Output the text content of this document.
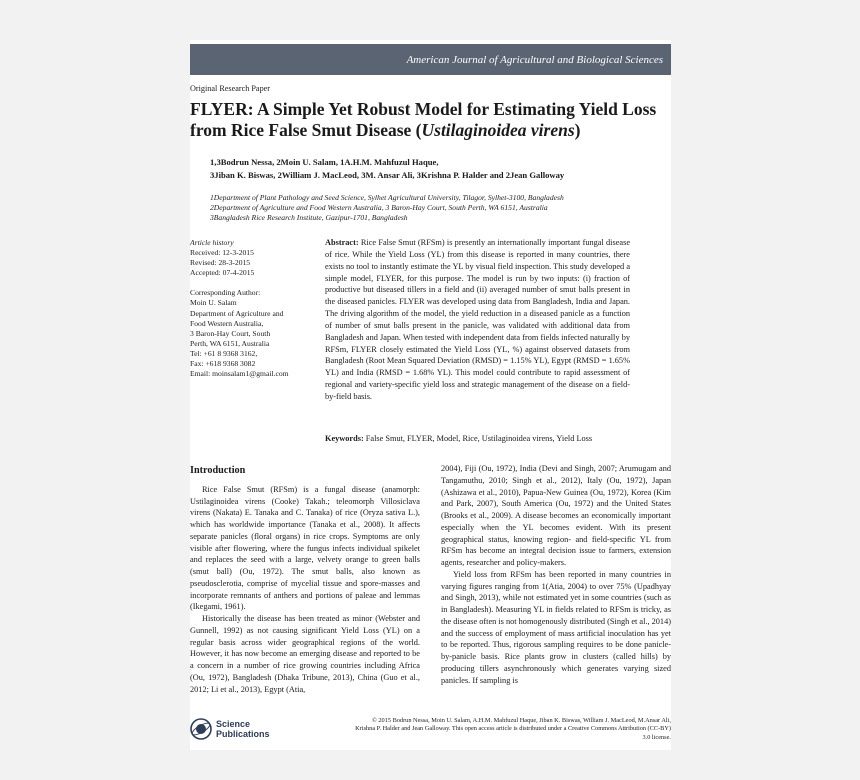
American Journal of Agricultural and Biological Sciences
Original Research Paper
FLYER: A Simple Yet Robust Model for Estimating Yield Loss from Rice False Smut Disease (Ustilaginoidea virens)
1,3Bodrun Nessa, 2Moin U. Salam, 1A.H.M. Mahfuzul Haque,
3Jiban K. Biswas, 2William J. MacLeod, 3M. Ansar Ali, 3Krishna P. Halder and 2Jean Galloway
1Department of Plant Pathology and Seed Science, Sylhet Agricultural University, Tilagor, Sylhet-3100, Bangladesh
2Department of Agriculture and Food Western Australia, 3 Baron-Hay Court, South Perth, WA 6151, Australia
3Bangladesh Rice Research Institute, Gazipur-1701, Bangladesh
Article history
Received: 12-3-2015
Revised: 28-3-2015
Accepted: 07-4-2015
Corresponding Author:
Moin U. Salam
Department of Agriculture and
Food Western Australia,
3 Baron-Hay Court, South
Perth, WA 6151, Australia
Tel: +61 8 9368 3162,
Fax: +618 9368 3082
Email: moinsalam1@gmail.com
Abstract: Rice False Smut (RFSm) is presently an internationally important fungal disease of rice. While the Yield Loss (YL) from this disease is reported in many countries, there exists no tool to instantly estimate the YL by visual field inspection. This study developed a simple model, FLYER, for this purpose. The model is run by two inputs: (i) fraction of productive but diseased tillers in a field and (ii) averaged number of smut balls present in the diseased panicles. FLYER was developed using data from Bangladesh, India and Japan. The driving algorithm of the model, the yield reduction in a diseased panicle as a function of number of smut balls present in the panicle, was validated with additional data from Bangladesh and Japan. When tested with independent data from fields infected naturally by RFSm, FLYER closely estimated the Yield Loss (YL, %) against observed datasets from Bangladesh (Root Mean Squared Deviation (RMSD) = 1.15% YL), Egypt (RMSD = 1.65% YL) and India (RMSD = 1.68% YL). This model could contribute to rapid assessment of regional and variety-specific yield loss and strategic management of the disease on a field-by-field basis.
Keywords: False Smut, FLYER, Model, Rice, Ustilaginoidea virens, Yield Loss
Introduction

Rice False Smut (RFSm) is a fungal disease (anamorph: Ustilaginoidea virens (Cooke) Takah.; teleomorph Villosiclava virens (Nakata) E. Tanaka and C. Tanaka) of rice (Oryza sativa L.), which has worldwide importance (Tanaka et al., 2008). It affects separate panicles (floral organs) in rice crops. Symptoms are only visible after flowering, where the fungus infects individual spikelet and replaces the seed with a large, velvety orange to green balls (smut ball) (Ou, 1972). The smut balls, also known as pseudosclerotia, comprise of mycelial tissue and spore-masses and incorporate remnants of anthers and portions of paleae and lemmas (Ikegami, 1961).

Historically the disease has been treated as minor (Webster and Gunnell, 1992) as not causing significant Yield Loss (YL) on a regular basis across wider geographical regions of the world. However, it has now become an emerging disease and reported to be a concern in a number of rice growing countries including Africa (Ou, 1972), Bangladesh (Dhaka Tribune, 2013), China (Guo et al., 2012; Li et al., 2013), Egypt (Atia,

2004), Fiji (Ou, 1972), India (Devi and Singh, 2007; Arumugam and Tangamuthu, 2010; Singh et al., 2012), Italy (Ou, 1972), Japan (Ashizawa et al., 2010), Papua-New Guinea (Ou, 1972), Korea (Kim and Park, 2007), South America (Ou, 1972) and the United States (Brooks et al., 2009). A disease becomes an economically important especially when the YL becomes evident. With its present geographical status, knowing region- and field-specific YL from RFSm has become an integral decision issue to farmers, extension agents, researcher and policy-makers.

Yield loss from RFSm has been reported in many countries in varying figures ranging from 1(Atia, 2004) to over 75% (Upadhyay and Singh, 2013), while not estimated yet in some countries (such as in Bangladesh). Measuring YL in fields related to RFSm is tricky, as the disease often is not homogenously distributed (Singh et al., 2014) and the success of employment of mass artificial inoculation has yet to be reported. Thus, rigorous sampling requires to be done panicle-by-panicle basis. Rice plants grow in clusters (called hills) by producing tillers asynchronously which generates varying sized panicles. If sampling is

Science
Publications
© 2015 Bodrun Nessa, Moin U. Salam, A.H.M. Mahfuzul Haque, Jiban K. Biswas, William J. MacLeod, M.Ansar Ali,
Krishna P. Halder and Jean Galloway. This open access article is distributed under a Creative Commons Attribution (CC-BY)
3.0 license.
